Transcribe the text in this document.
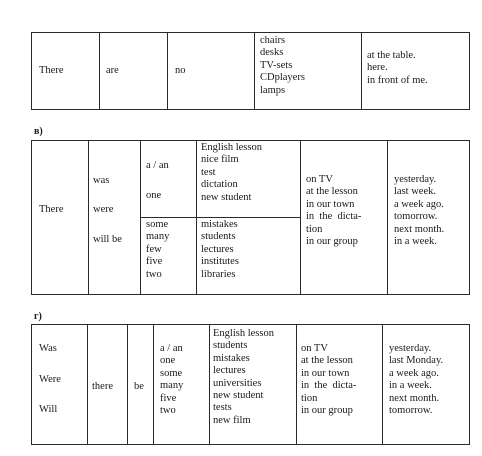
There	are	no
chairs
desks
TV-sets
CDplayers
lamps
at the table.
here.
in front of me.
в)
There
was
were
will be
a / an
one
some
many
few
five
two
English lesson
nice film
test
dictation
new student
mistakes
students
lectures
institutes
libraries
on TV
at the lesson
in our town
in  the  dicta-
tion
in our group
yesterday.
last week.
a week ago.
tomorrow.
next month.
in a week.
г)
Was
Were
Will
there be
a / an
one
some
many
five
two
English lesson
students
mistakes
lectures
universities
new student
tests
new film
on TV
at the lesson
in our town
in  the  dicta-
tion
in our group
yesterday.
last Monday.
a week ago.
in a week.
next month.
tomorrow.
